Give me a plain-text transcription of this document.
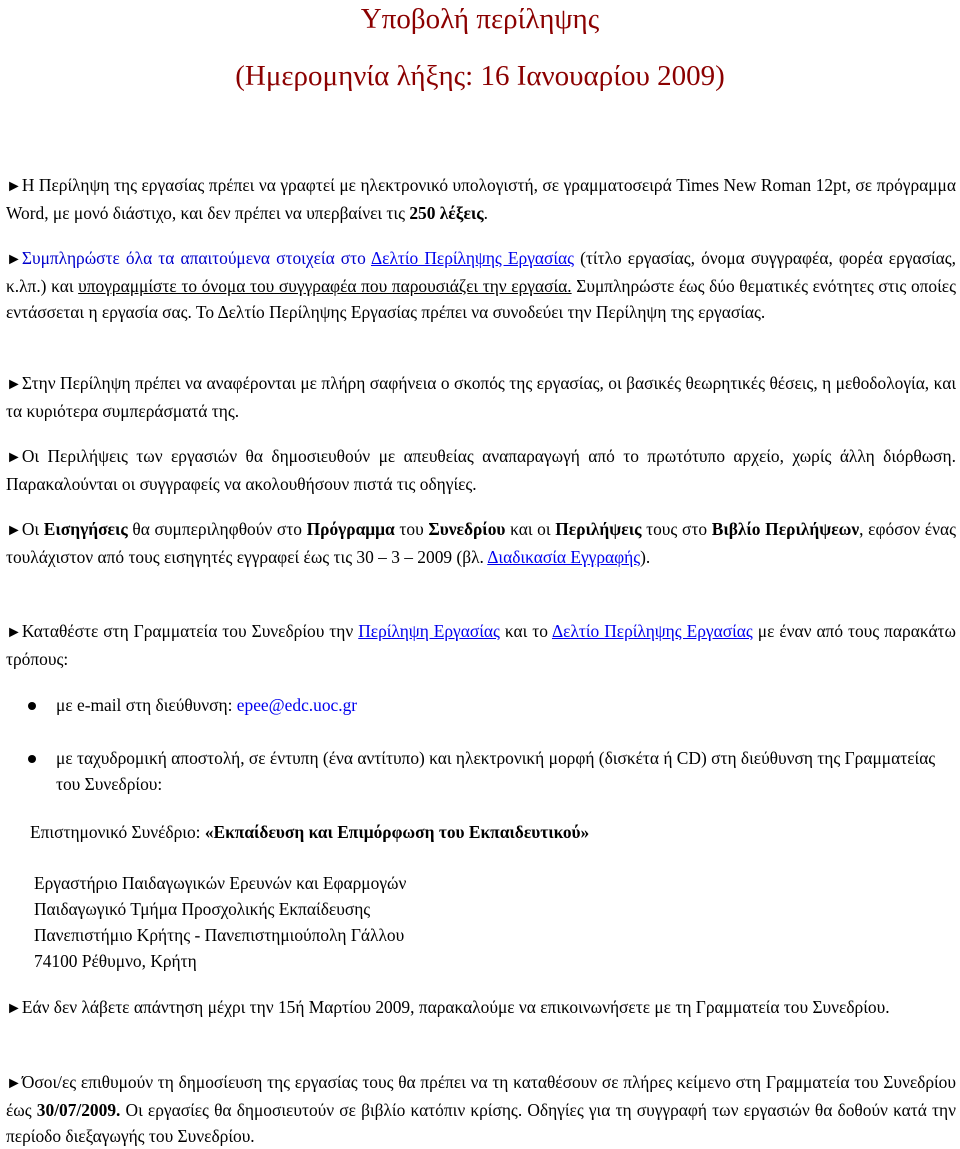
Υποβολή περίληψης
(Ημερομηνία λήξης: 16 Ιανουαρίου 2009)
►Η Περίληψη της εργασίας πρέπει να γραφτεί με ηλεκτρονικό υπολογιστή, σε γραμματοσειρά Times New Roman 12pt, σε πρόγραμμα Word, με μονό διάστιχο, και δεν πρέπει να υπερβαίνει τις 250 λέξεις.
►Συμπληρώστε όλα τα απαιτούμενα στοιχεία στο Δελτίο Περίληψης Εργασίας (τίτλο εργασίας, όνομα συγγραφέα, φορέα εργασίας, κ.λπ.) και υπογραμμίστε το όνομα του συγγραφέα που παρουσιάζει την εργασία. Συμπληρώστε έως δύο θεματικές ενότητες στις οποίες εντάσσεται η εργασία σας. Το Δελτίο Περίληψης Εργασίας πρέπει να συνοδεύει την Περίληψη της εργασίας.
►Στην Περίληψη πρέπει να αναφέρονται με πλήρη σαφήνεια ο σκοπός της εργασίας, οι βασικές θεωρητικές θέσεις, η μεθοδολογία, και τα κυριότερα συμπεράσματά της.
►Οι Περιλήψεις των εργασιών θα δημοσιευθούν με απευθείας αναπαραγωγή από το πρωτότυπο αρχείο, χωρίς άλλη διόρθωση. Παρακαλούνται οι συγγραφείς να ακολουθήσουν πιστά τις οδηγίες.
►Οι Εισηγήσεις θα συμπεριληφθούν στο Πρόγραμμα του Συνεδρίου και οι Περιλήψεις τους στο Βιβλίο Περιλήψεων, εφόσον ένας τουλάχιστον από τους εισηγητές εγγραφεί έως τις 30 – 3 – 2009 (βλ. Διαδικασία Εγγραφής).
►Καταθέστε στη Γραμματεία του Συνεδρίου την Περίληψη Εργασίας και το Δελτίο Περίληψης Εργασίας με έναν από τους παρακάτω τρόπους:
με e-mail στη διεύθυνση: epee@edc.uoc.gr
με ταχυδρομική αποστολή, σε έντυπη (ένα αντίτυπο) και ηλεκτρονική μορφή (δισκέτα ή CD) στη διεύθυνση της Γραμματείας του Συνεδρίου:
Επιστημονικό Συνέδριο: «Εκπαίδευση και Επιμόρφωση του Εκπαιδευτικού»
Εργαστήριο Παιδαγωγικών Ερευνών και Εφαρμογών
Παιδαγωγικό Τμήμα Προσχολικής Εκπαίδευσης
Πανεπιστήμιο Κρήτης - Πανεπιστημιούπολη Γάλλου
74100 Ρέθυμνο, Κρήτη
►Εάν δεν λάβετε απάντηση μέχρι την 15ή Μαρτίου 2009, παρακαλούμε να επικοινωνήσετε με τη Γραμματεία του Συνεδρίου.
►Όσοι/ες επιθυμούν τη δημοσίευση της εργασίας τους θα πρέπει να τη καταθέσουν σε πλήρες κείμενο στη Γραμματεία του Συνεδρίου έως 30/07/2009. Οι εργασίες θα δημοσιευτούν σε βιβλίο κατόπιν κρίσης. Οδηγίες για τη συγγραφή των εργασιών θα δοθούν κατά την περίοδο διεξαγωγής του Συνεδρίου.
